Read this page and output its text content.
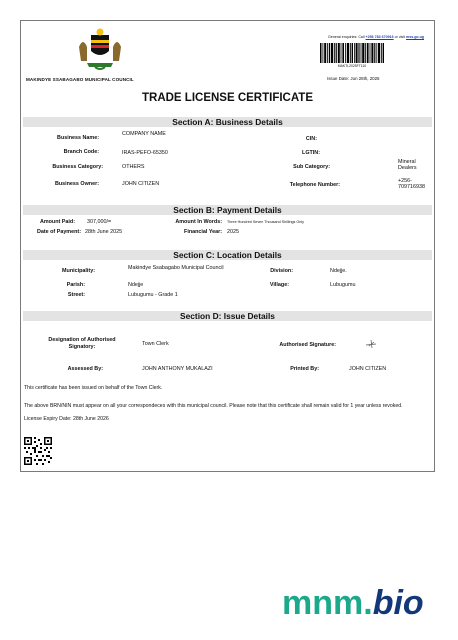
MAKINDYE SSABAGABO MUNICIPAL COUNCIL
General enquiries: Call +256 783 670916 or visit mss.go.ug
MAKTL2025FT110
Issue Date: Jun 28th, 2025
TRADE LICENSE CERTIFICATE
Section A: Business Details
Business Name:
COMPANY NAME
CIN:
Branch Code:	IRAS-PEFO-65350	LGTIN:
Business Category:	OTHERS	Sub Category:
Mineral Dealers
Business Owner:	JOHN CITIZEN	Telephone Number:
+256-709716938
Section B: Payment Details
Amount Paid: 307,000/=	Amount In Words: Three Hundred Seven Thousand Shillings Only
Date of Payment: 28th June 2025	Financial Year: 2025
Section C: Location Details
Municipality:	Makindye Ssabagabo Municipal Council	Division:	Ndejje.
Parish:	Ndejje	Village:	Lubugumu
Street:	Lubugumu - Grade 1
Section D: Issue Details
Designation of Authorised Signatory:	Town Clerk	Authorised Signature:
Assessed By:	JOHN ANTHONY MUKALAZI	Printed By:	JOHN CITIZEN
This certificate has been issued on behalf of the Town Clerk.
The above BRN/NIN must appear on all your correspondeces with this municipal council. Please note that this certificate shall remain valid for 1 year unless revoked.
License Expiry Date: 28th June 2026
mnm.bio
